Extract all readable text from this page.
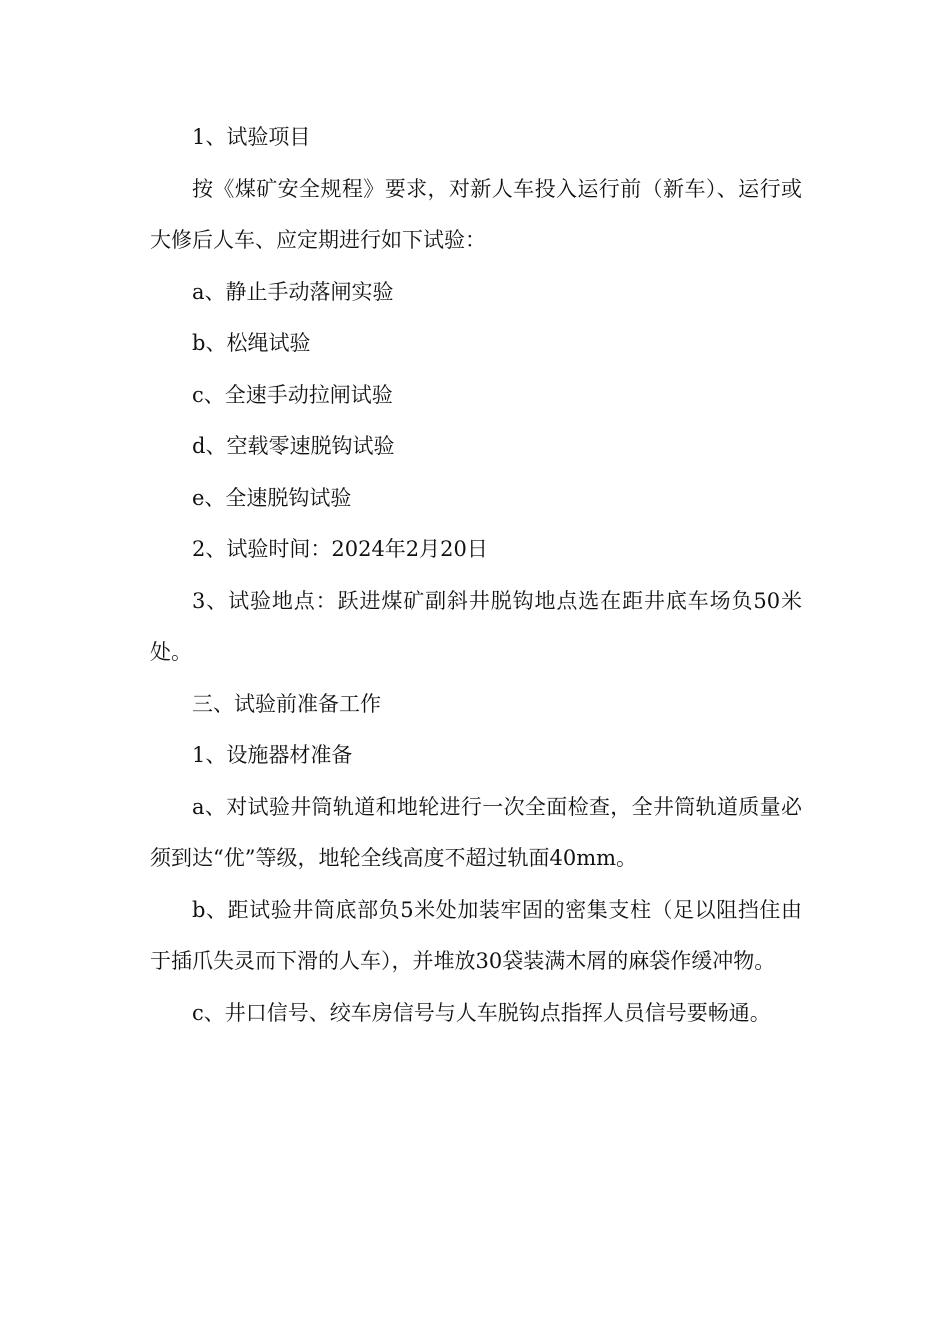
1、试验项目

按《煤矿安全规程》要求，对新人车投入运行前（新车）、运行或大修后人车、应定期进行如下试验：

a、静止手动落闸实验

b、松绳试验

c、全速手动拉闸试验

d、空载零速脱钩试验

e、全速脱钩试验

2、试验时间：2024年2月20日

3、试验地点：跃进煤矿副斜井脱钩地点选在距井底车场负50米处。

三、试验前准备工作

1、设施器材准备

a、对试验井筒轨道和地轮进行一次全面检查，全井筒轨道质量必须到达“优”等级，地轮全线高度不超过轨面40mm。

b、距试验井筒底部负5米处加装牢固的密集支柱（足以阻挡住由于插爪失灵而下滑的人车），并堆放30袋装满木屑的麻袋作缓冲物。

c、井口信号、绞车房信号与人车脱钩点指挥人员信号要畅通。
